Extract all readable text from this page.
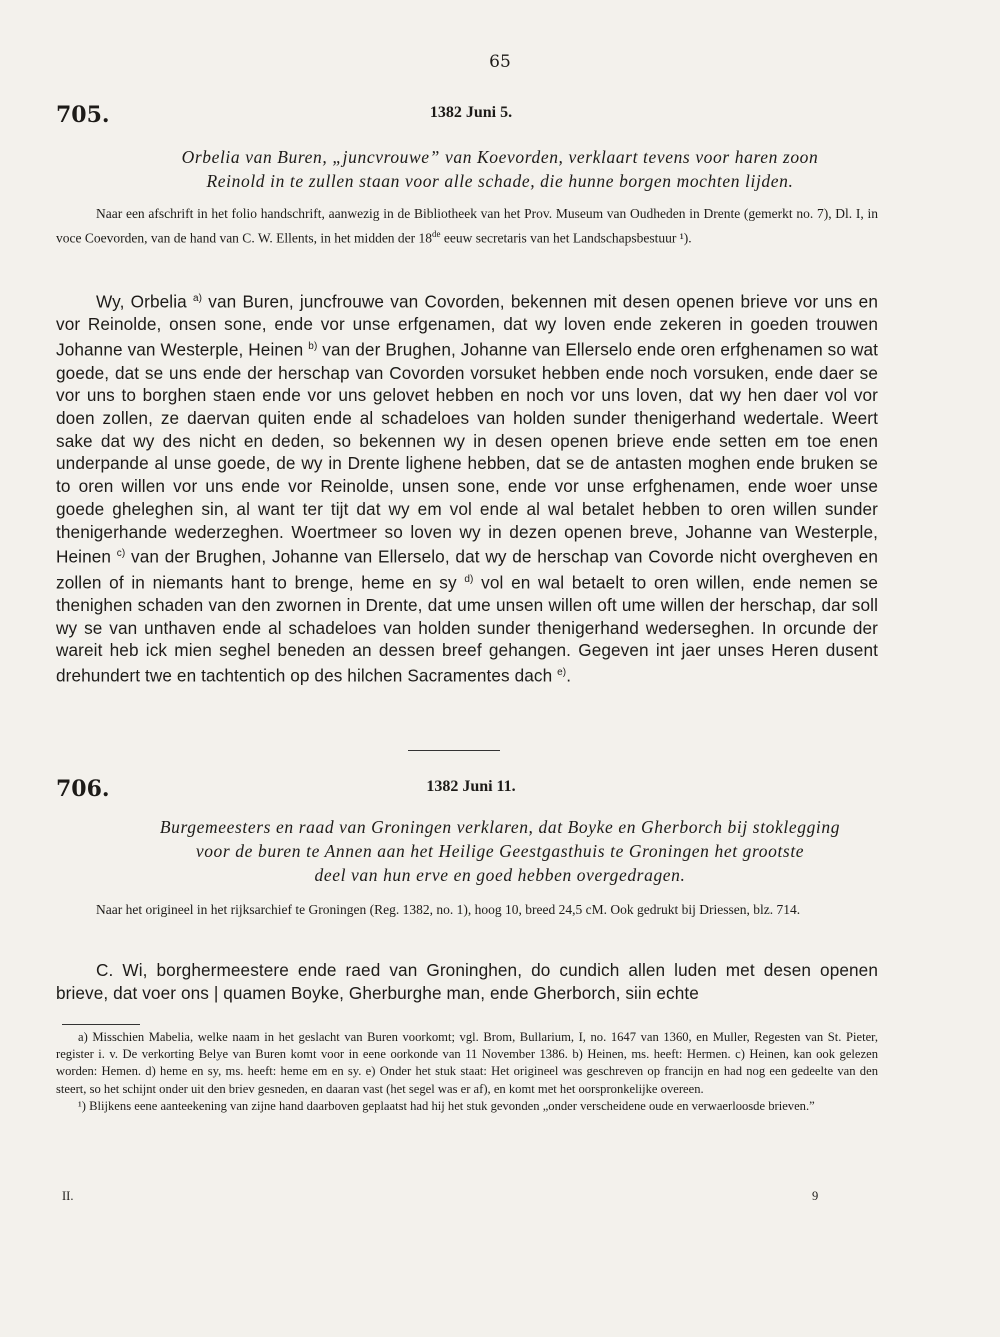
65
705.	1382 Juni 5.
Orbelia van Buren, „juncvrouwe” van Koevorden, verklaart tevens voor haren zoon
Reinold in te zullen staan voor alle schade, die hunne borgen mochten lijden.
Naar een afschrift in het folio handschrift, aanwezig in de Bibliotheek van het Prov. Museum van Oudheden in Drente (gemerkt no. 7), Dl. I, in voce Coevorden, van de hand van C. W. Ellents, in het midden der 18de eeuw secretaris van het Landschapsbestuur ¹).
Wy, Orbelia $^{a)}$ van Buren, juncfrouwe van Covorden, bekennen mit desen openen brieve vor uns en vor Reinolde, onsen sone, ende vor unse erfgenamen, dat wy loven ende zekeren in goeden trouwen Johanne van Westerple, Heinen $^{b)}$ van der Brughen, Johanne van Ellerselo ende oren erfghenamen so wat goede, dat se uns ende der herschap van Covorden vorsuket hebben ende noch vorsuken, ende daer se vor uns to borghen staen ende vor uns gelovet hebben en noch vor uns loven, dat wy hen daer vol vor doen zollen, ze daervan quiten ende al schadeloes van holden sunder thenigerhand wedertale. Weert sake dat wy des nicht en deden, so bekennen wy in desen openen brieve ende setten em toe enen underpande al unse goede, de wy in Drente lighene hebben, dat se de antasten moghen ende bruken se to oren willen vor uns ende vor Reinolde, unsen sone, ende vor unse erfghenamen, ende woer unse goede gheleghen sin, al want ter tijt dat wy em vol ende al wal betalet hebben to oren willen sunder thenigerhande wederzeghen. Woertmeer so loven wy in dezen openen breve, Johanne van Westerple, Heinen $^{c)}$ van der Brughen, Johanne van Ellerselo, dat wy de herschap van Covorde nicht overgheven en zollen of in niemants hant to brenge, heme en sy $^{d)}$ vol en wal betaelt to oren willen, ende nemen se thenighen schaden van den zwornen in Drente, dat ume unsen willen oft ume willen der herschap, dar soll wy se van unthaven ende al schadeloes van holden sunder thenigerhand wederseghen. In orcunde der wareit heb ick mien seghel beneden an dessen breef gehangen. Gegeven int jaer unses Heren dusent drehundert twe en tachtentich op des hilchen Sacramentes dach $^{e)}$.
706.	1382 Juni 11.
Burgemeesters en raad van Groningen verklaren, dat Boyke en Gherborch bij stoklegging
voor de buren te Annen aan het Heilige Geestgasthuis te Groningen het grootste
deel van hun erve en goed hebben overgedragen.
Naar het origineel in het rijksarchief te Groningen (Reg. 1382, no. 1), hoog 10, breed 24,5 cM. Ook gedrukt bij Driessen, blz. 714.
C. Wi, borghermeestere ende raed van Groninghen, do cundich allen luden met desen openen brieve, dat voer ons | quamen Boyke, Gherburghe man, ende Gherborch, siin echte

a) Misschien Mabelia, welke naam in het geslacht van Buren voorkomt; vgl. Brom, Bullarium, I, no. 1647 van 1360, en Muller, Regesten van St. Pieter, register i. v. De verkorting Belye van Buren komt voor in eene oorkonde van 11 November 1386. b) Heinen, ms. heeft: Hermen. c) Heinen, kan ook gelezen worden: Hemen. d) heme en sy, ms. heeft: heme em en sy. e) Onder het stuk staat: Het origineel was geschreven op francijn en had nog een gedeelte van den steert, so het schijnt onder uit den briev gesneden, en daaran vast (het segel was er af), en komt met het oorspronkelijke overeen.

¹) Blijkens eene aanteekening van zijne hand daarboven geplaatst had hij het stuk gevonden „onder verscheidene oude en verwaerloosde brieven.”

II.	9
